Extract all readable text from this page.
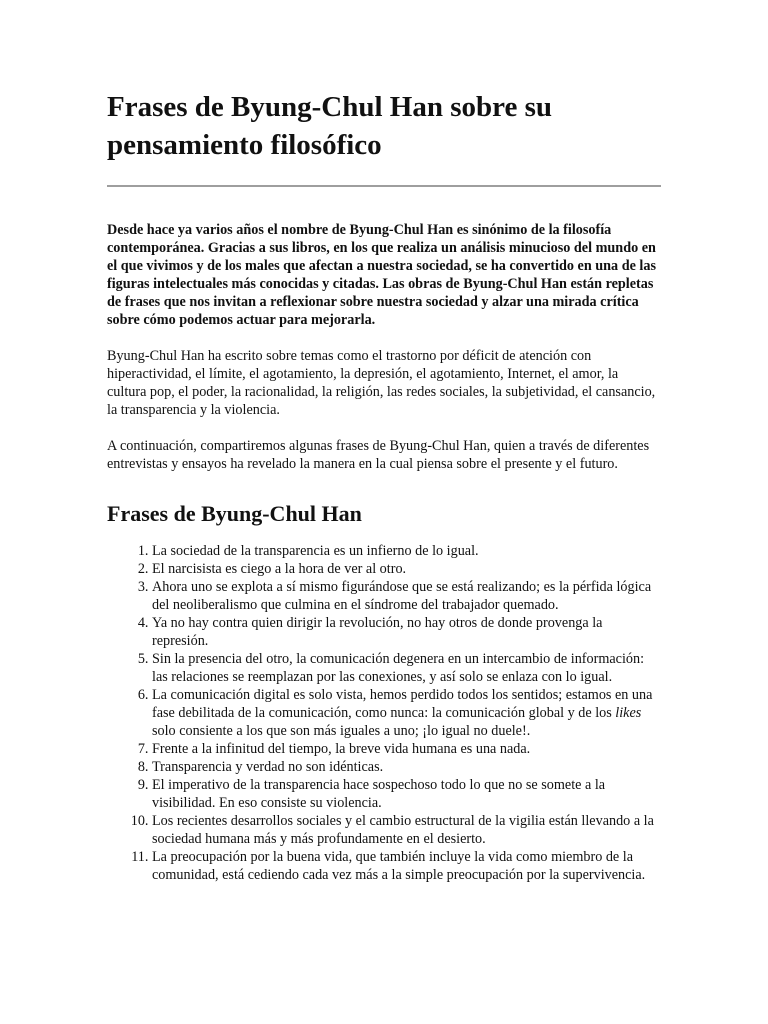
Frases de Byung-Chul Han sobre su pensamiento filosófico

Desde hace ya varios años el nombre de Byung-Chul Han es sinónimo de la filosofía contemporánea. Gracias a sus libros, en los que realiza un análisis minucioso del mundo en el que vivimos y de los males que afectan a nuestra sociedad, se ha convertido en una de las figuras intelectuales más conocidas y citadas. Las obras de Byung-Chul Han están repletas de frases que nos invitan a reflexionar sobre nuestra sociedad y alzar una mirada crítica sobre cómo podemos actuar para mejorarla.

Byung-Chul Han ha escrito sobre temas como el trastorno por déficit de atención con hiperactividad, el límite, el agotamiento, la depresión, el agotamiento, Internet, el amor, la cultura pop, el poder, la racionalidad, la religión, las redes sociales, la subjetividad, el cansancio, la transparencia y la violencia.

A continuación, compartiremos algunas frases de Byung-Chul Han, quien a través de diferentes entrevistas y ensayos ha revelado la manera en la cual piensa sobre el presente y el futuro.

Frases de Byung-Chul Han
1. La sociedad de la transparencia es un infierno de lo igual.
2. El narcisista es ciego a la hora de ver al otro.
3. Ahora uno se explota a sí mismo figurándose que se está realizando; es la pérfida lógica del neoliberalismo que culmina en el síndrome del trabajador quemado.
4. Ya no hay contra quien dirigir la revolución, no hay otros de donde provenga la represión.
5. Sin la presencia del otro, la comunicación degenera en un intercambio de información: las relaciones se reemplazan por las conexiones, y así solo se enlaza con lo igual.
6. La comunicación digital es solo vista, hemos perdido todos los sentidos; estamos en una fase debilitada de la comunicación, como nunca: la comunicación global y de los likes solo consiente a los que son más iguales a uno; ¡lo igual no duele!.
7. Frente a la infinitud del tiempo, la breve vida humana es una nada.
8. Transparencia y verdad no son idénticas.
9. El imperativo de la transparencia hace sospechoso todo lo que no se somete a la visibilidad. En eso consiste su violencia.
10. Los recientes desarrollos sociales y el cambio estructural de la vigilia están llevando a la sociedad humana más y más profundamente en el desierto.
11. La preocupación por la buena vida, que también incluye la vida como miembro de la comunidad, está cediendo cada vez más a la simple preocupación por la supervivencia.
